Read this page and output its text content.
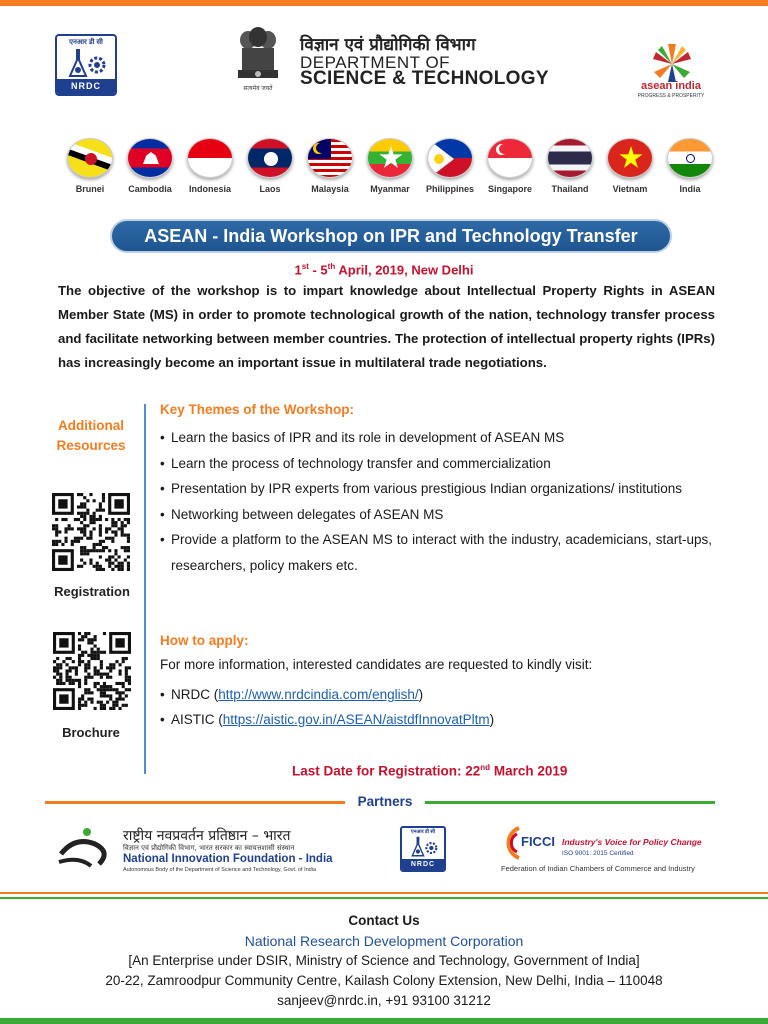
एनआर डी सी
NRDC	सत्यमेव जयते
विज्ञान एवं प्रौद्योगिकी विभाग
DEPARTMENT OF
SCIENCE & TECHNOLOGY	asean india
PROGRESS & PROSPERITY
Brunei	Cambodia Indonesia	Laos	Malaysia Myanmar Philippines Singapore Thailand	Vietnam	India
ASEAN - India Workshop on IPR and Technology Transfer
1st - 5th April, 2019, New Delhi
The objective of the workshop is to impart knowledge about Intellectual Property Rights in ASEAN Member State (MS) in order to promote technological growth of the nation, technology transfer process and facilitate networking between member countries. The protection of intellectual property rights (IPRs) has increasingly become an important issue in multilateral trade negotiations.
Additional Resources
Registration
Brochure
Key Themes of the Workshop:
• Learn the basics of IPR and its role in development of ASEAN MS
• Learn the process of technology transfer and commercialization
• Presentation by IPR experts from various prestigious Indian organizations/ institutions
• Networking between delegates of ASEAN MS
• Provide a platform to the ASEAN MS to interact with the industry, academicians, start-ups, researchers, policy makers etc.
How to apply:
For more information, interested candidates are requested to kindly visit:
• NRDC (http://www.nrdcindia.com/english/)
• AISTIC (https://aistic.gov.in/ASEAN/aistdfInnovatPltm)
Last Date for Registration: 22nd March 2019
Partners
राष्ट्रीय नवप्रवर्तन प्रतिष्ठान – भारत
विज्ञान एवं प्रौद्योगिकी विभाग, भारत सरकार का स्वायत्तशासी संस्थान
National Innovation Foundation - India
Autonomous Body of the Department of Science and Technology, Govt. of India
एनआर डी सी
NRDC
FICCI Industry's Voice for Policy Change
ISO 9001: 2015 Certified
Federation of Indian Chambers of Commerce and Industry
Contact Us
National Research Development Corporation
[An Enterprise under DSIR, Ministry of Science and Technology, Government of India]
20-22, Zamroodpur Community Centre, Kailash Colony Extension, New Delhi, India – 110048
sanjeev@nrdc.in, +91 93100 31212
